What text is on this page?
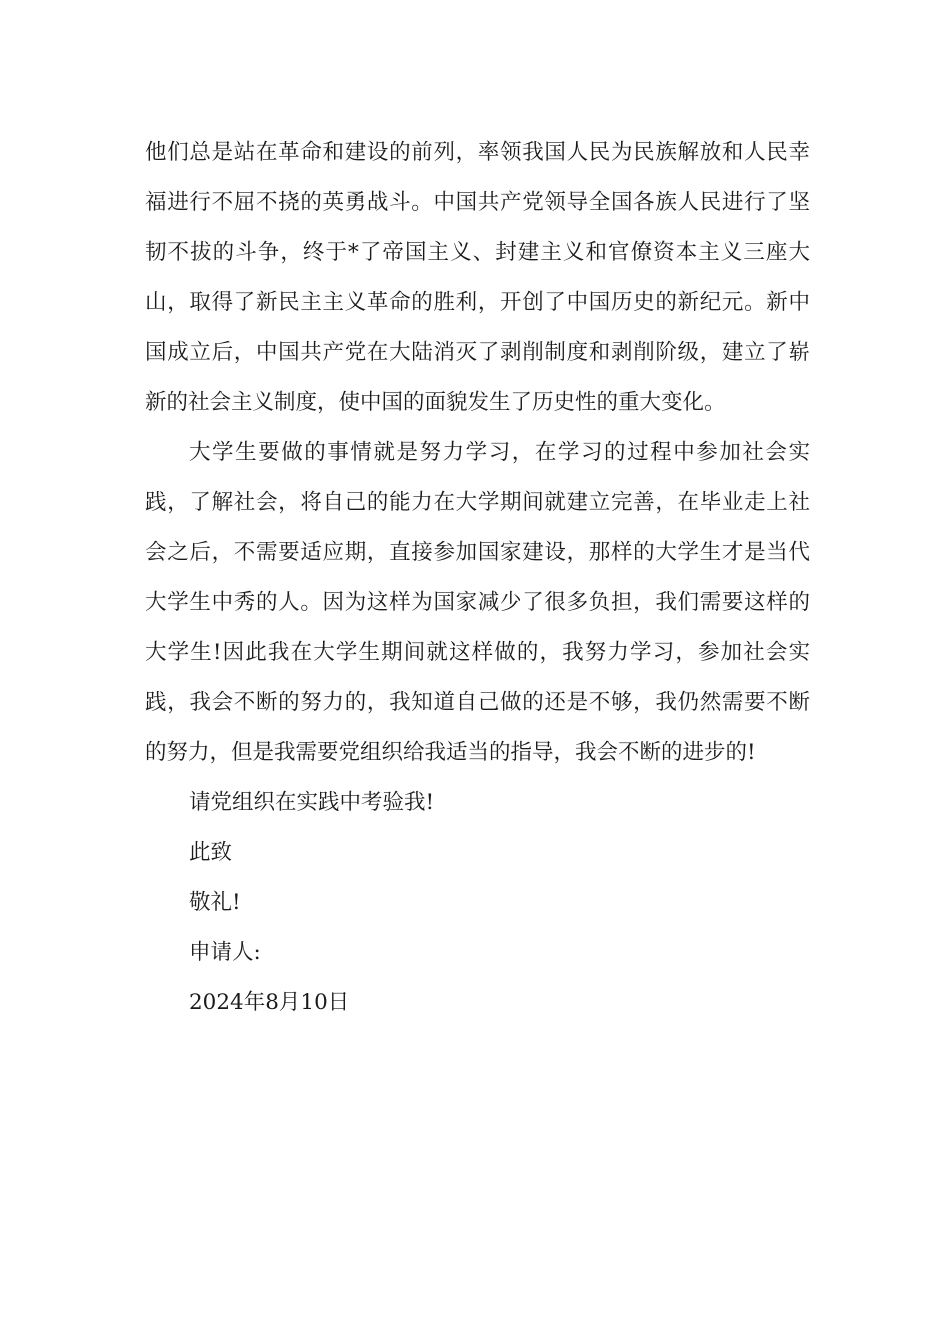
他们总是站在革命和建设的前列，率领我国人民为民族解放和人民幸福进行不屈不挠的英勇战斗。中国共产党领导全国各族人民进行了坚韧不拔的斗争，终于*了帝国主义、封建主义和官僚资本主义三座大山，取得了新民主主义革命的胜利，开创了中国历史的新纪元。新中国成立后，中国共产党在大陆消灭了剥削制度和剥削阶级，建立了崭新的社会主义制度，使中国的面貌发生了历史性的重大变化。

大学生要做的事情就是努力学习，在学习的过程中参加社会实践，了解社会，将自己的能力在大学期间就建立完善，在毕业走上社会之后，不需要适应期，直接参加国家建设，那样的大学生才是当代大学生中秀的人。因为这样为国家减少了很多负担，我们需要这样的大学生!因此我在大学生期间就这样做的，我努力学习，参加社会实践，我会不断的努力的，我知道自己做的还是不够，我仍然需要不断的努力，但是我需要党组织给我适当的指导，我会不断的进步的!

请党组织在实践中考验我!

此致

敬礼!

申请人:

2024年8月10日
